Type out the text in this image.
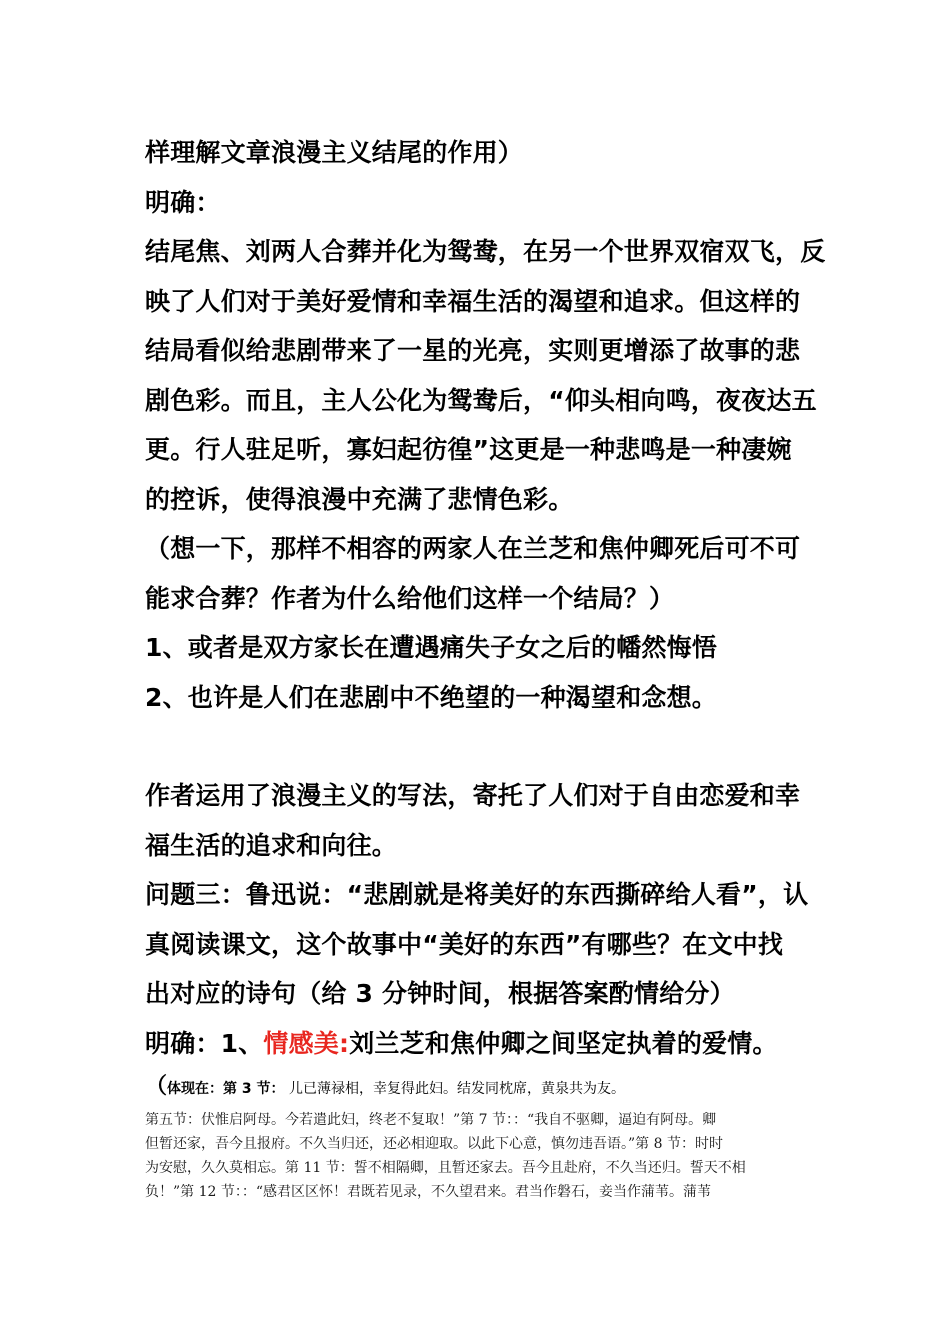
样理解文章浪漫主义结尾的作用）

明确：

结尾焦、刘两人合葬并化为鸳鸯，在另一个世界双宿双飞，反

映了人们对于美好爱情和幸福生活的渴望和追求。但这样的

结局看似给悲剧带来了一星的光亮，实则更增添了故事的悲

剧色彩。而且，主人公化为鸳鸯后，“仰头相向鸣，夜夜达五

更。行人驻足听，寡妇起彷徨”这更是一种悲鸣是一种凄婉

的控诉，使得浪漫中充满了悲情色彩。

（想一下，那样不相容的两家人在兰芝和焦仲卿死后可不可

能求合葬？作者为什么给他们这样一个结局？）

1、或者是双方家长在遭遇痛失子女之后的幡然悔悟

2、也许是人们在悲剧中不绝望的一种渴望和念想。

作者运用了浪漫主义的写法，寄托了人们对于自由恋爱和幸

福生活的追求和向往。

问题三：鲁迅说：“悲剧就是将美好的东西撕碎给人看”，认

真阅读课文，这个故事中“美好的东西”有哪些？在文中找

出对应的诗句（给 3 分钟时间，根据答案酌情给分）

明确：1、情感美:刘兰芝和焦仲卿之间坚定执着的爱情。

（体现在：第 3 节： 儿已薄禄相，幸复得此妇。结发同枕席，黄泉共为友。
第五节：伏惟启阿母。今若遣此妇，终老不复取！”第 7 节：：“我自不驱卿，逼迫有阿母。卿
但暂还家，吾今且报府。不久当归还，还必相迎取。以此下心意，慎勿违吾语。”第 8 节：时时
为安慰，久久莫相忘。第 11 节：誓不相隔卿，且暂还家去。吾今且赴府，不久当还归。誓天不相
负！”第 12 节：：“感君区区怀！君既若见录，不久望君来。君当作磐石，妾当作蒲苇。蒲苇
